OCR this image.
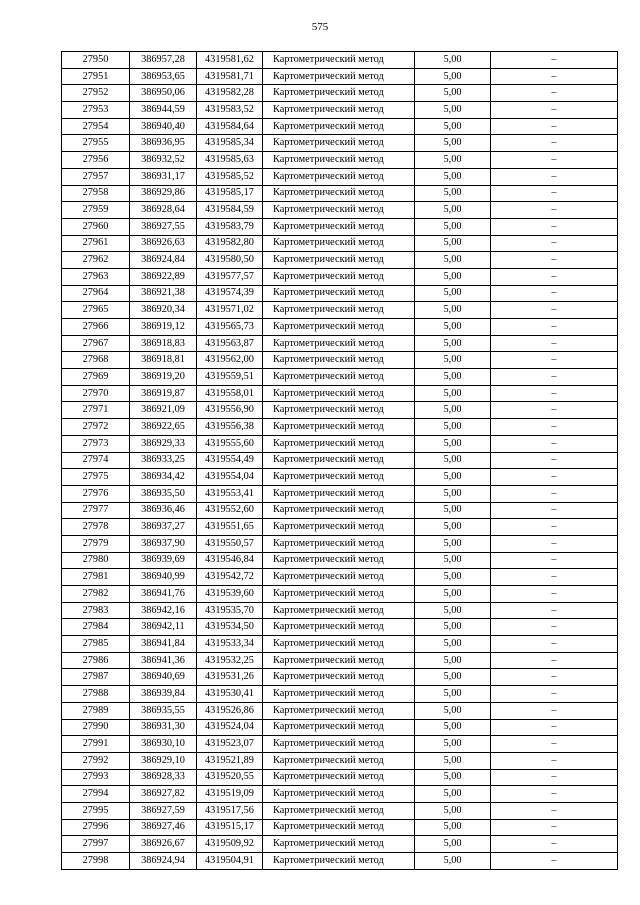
575
27950	386957,28	4319581,62	Картометрический метод	5,00	–
27951	386953,65	4319581,71	Картометрический метод	5,00	–
27952	386950,06	4319582,28	Картометрический метод	5,00	–
27953	386944,59	4319583,52	Картометрический метод	5,00	–
27954	386940,40	4319584,64	Картометрический метод	5,00	–
27955	386936,95	4319585,34	Картометрический метод	5,00	–
27956	386932,52	4319585,63	Картометрический метод	5,00	–
27957	386931,17	4319585,52	Картометрический метод	5,00	–
27958	386929,86	4319585,17	Картометрический метод	5,00	–
27959	386928,64	4319584,59	Картометрический метод	5,00	–
27960	386927,55	4319583,79	Картометрический метод	5,00	–
27961	386926,63	4319582,80	Картометрический метод	5,00	–
27962	386924,84	4319580,50	Картометрический метод	5,00	–
27963	386922,89	4319577,57	Картометрический метод	5,00	–
27964	386921,38	4319574,39	Картометрический метод	5,00	–
27965	386920,34	4319571,02	Картометрический метод	5,00	–
27966	386919,12	4319565,73	Картометрический метод	5,00	–
27967	386918,83	4319563,87	Картометрический метод	5,00	–
27968	386918,81	4319562,00	Картометрический метод	5,00	–
27969	386919,20	4319559,51	Картометрический метод	5,00	–
27970	386919,87	4319558,01	Картометрический метод	5,00	–
27971	386921,09	4319556,90	Картометрический метод	5,00	–
27972	386922,65	4319556,38	Картометрический метод	5,00	–
27973	386929,33	4319555,60	Картометрический метод	5,00	–
27974	386933,25	4319554,49	Картометрический метод	5,00	–
27975	386934,42	4319554,04	Картометрический метод	5,00	–
27976	386935,50	4319553,41	Картометрический метод	5,00	–
27977	386936,46	4319552,60	Картометрический метод	5,00	–
27978	386937,27	4319551,65	Картометрический метод	5,00	–
27979	386937,90	4319550,57	Картометрический метод	5,00	–
27980	386939,69	4319546,84	Картометрический метод	5,00	–
27981	386940,99	4319542,72	Картометрический метод	5,00	–
27982	386941,76	4319539,60	Картометрический метод	5,00	–
27983	386942,16	4319535,70	Картометрический метод	5,00	–
27984	386942,11	4319534,50	Картометрический метод	5,00	–
27985	386941,84	4319533,34	Картометрический метод	5,00	–
27986	386941,36	4319532,25	Картометрический метод	5,00	–
27987	386940,69	4319531,26	Картометрический метод	5,00	–
27988	386939,84	4319530,41	Картометрический метод	5,00	–
27989	386935,55	4319526,86	Картометрический метод	5,00	–
27990	386931,30	4319524,04	Картометрический метод	5,00	–
27991	386930,10	4319523,07	Картометрический метод	5,00	–
27992	386929,10	4319521,89	Картометрический метод	5,00	–
27993	386928,33	4319520,55	Картометрический метод	5,00	–
27994	386927,82	4319519,09	Картометрический метод	5,00	–
27995	386927,59	4319517,56	Картометрический метод	5,00	–
27996	386927,46	4319515,17	Картометрический метод	5,00	–
27997	386926,67	4319509,92	Картометрический метод	5,00	–
27998	386924,94	4319504,91	Картометрический метод	5,00	–
